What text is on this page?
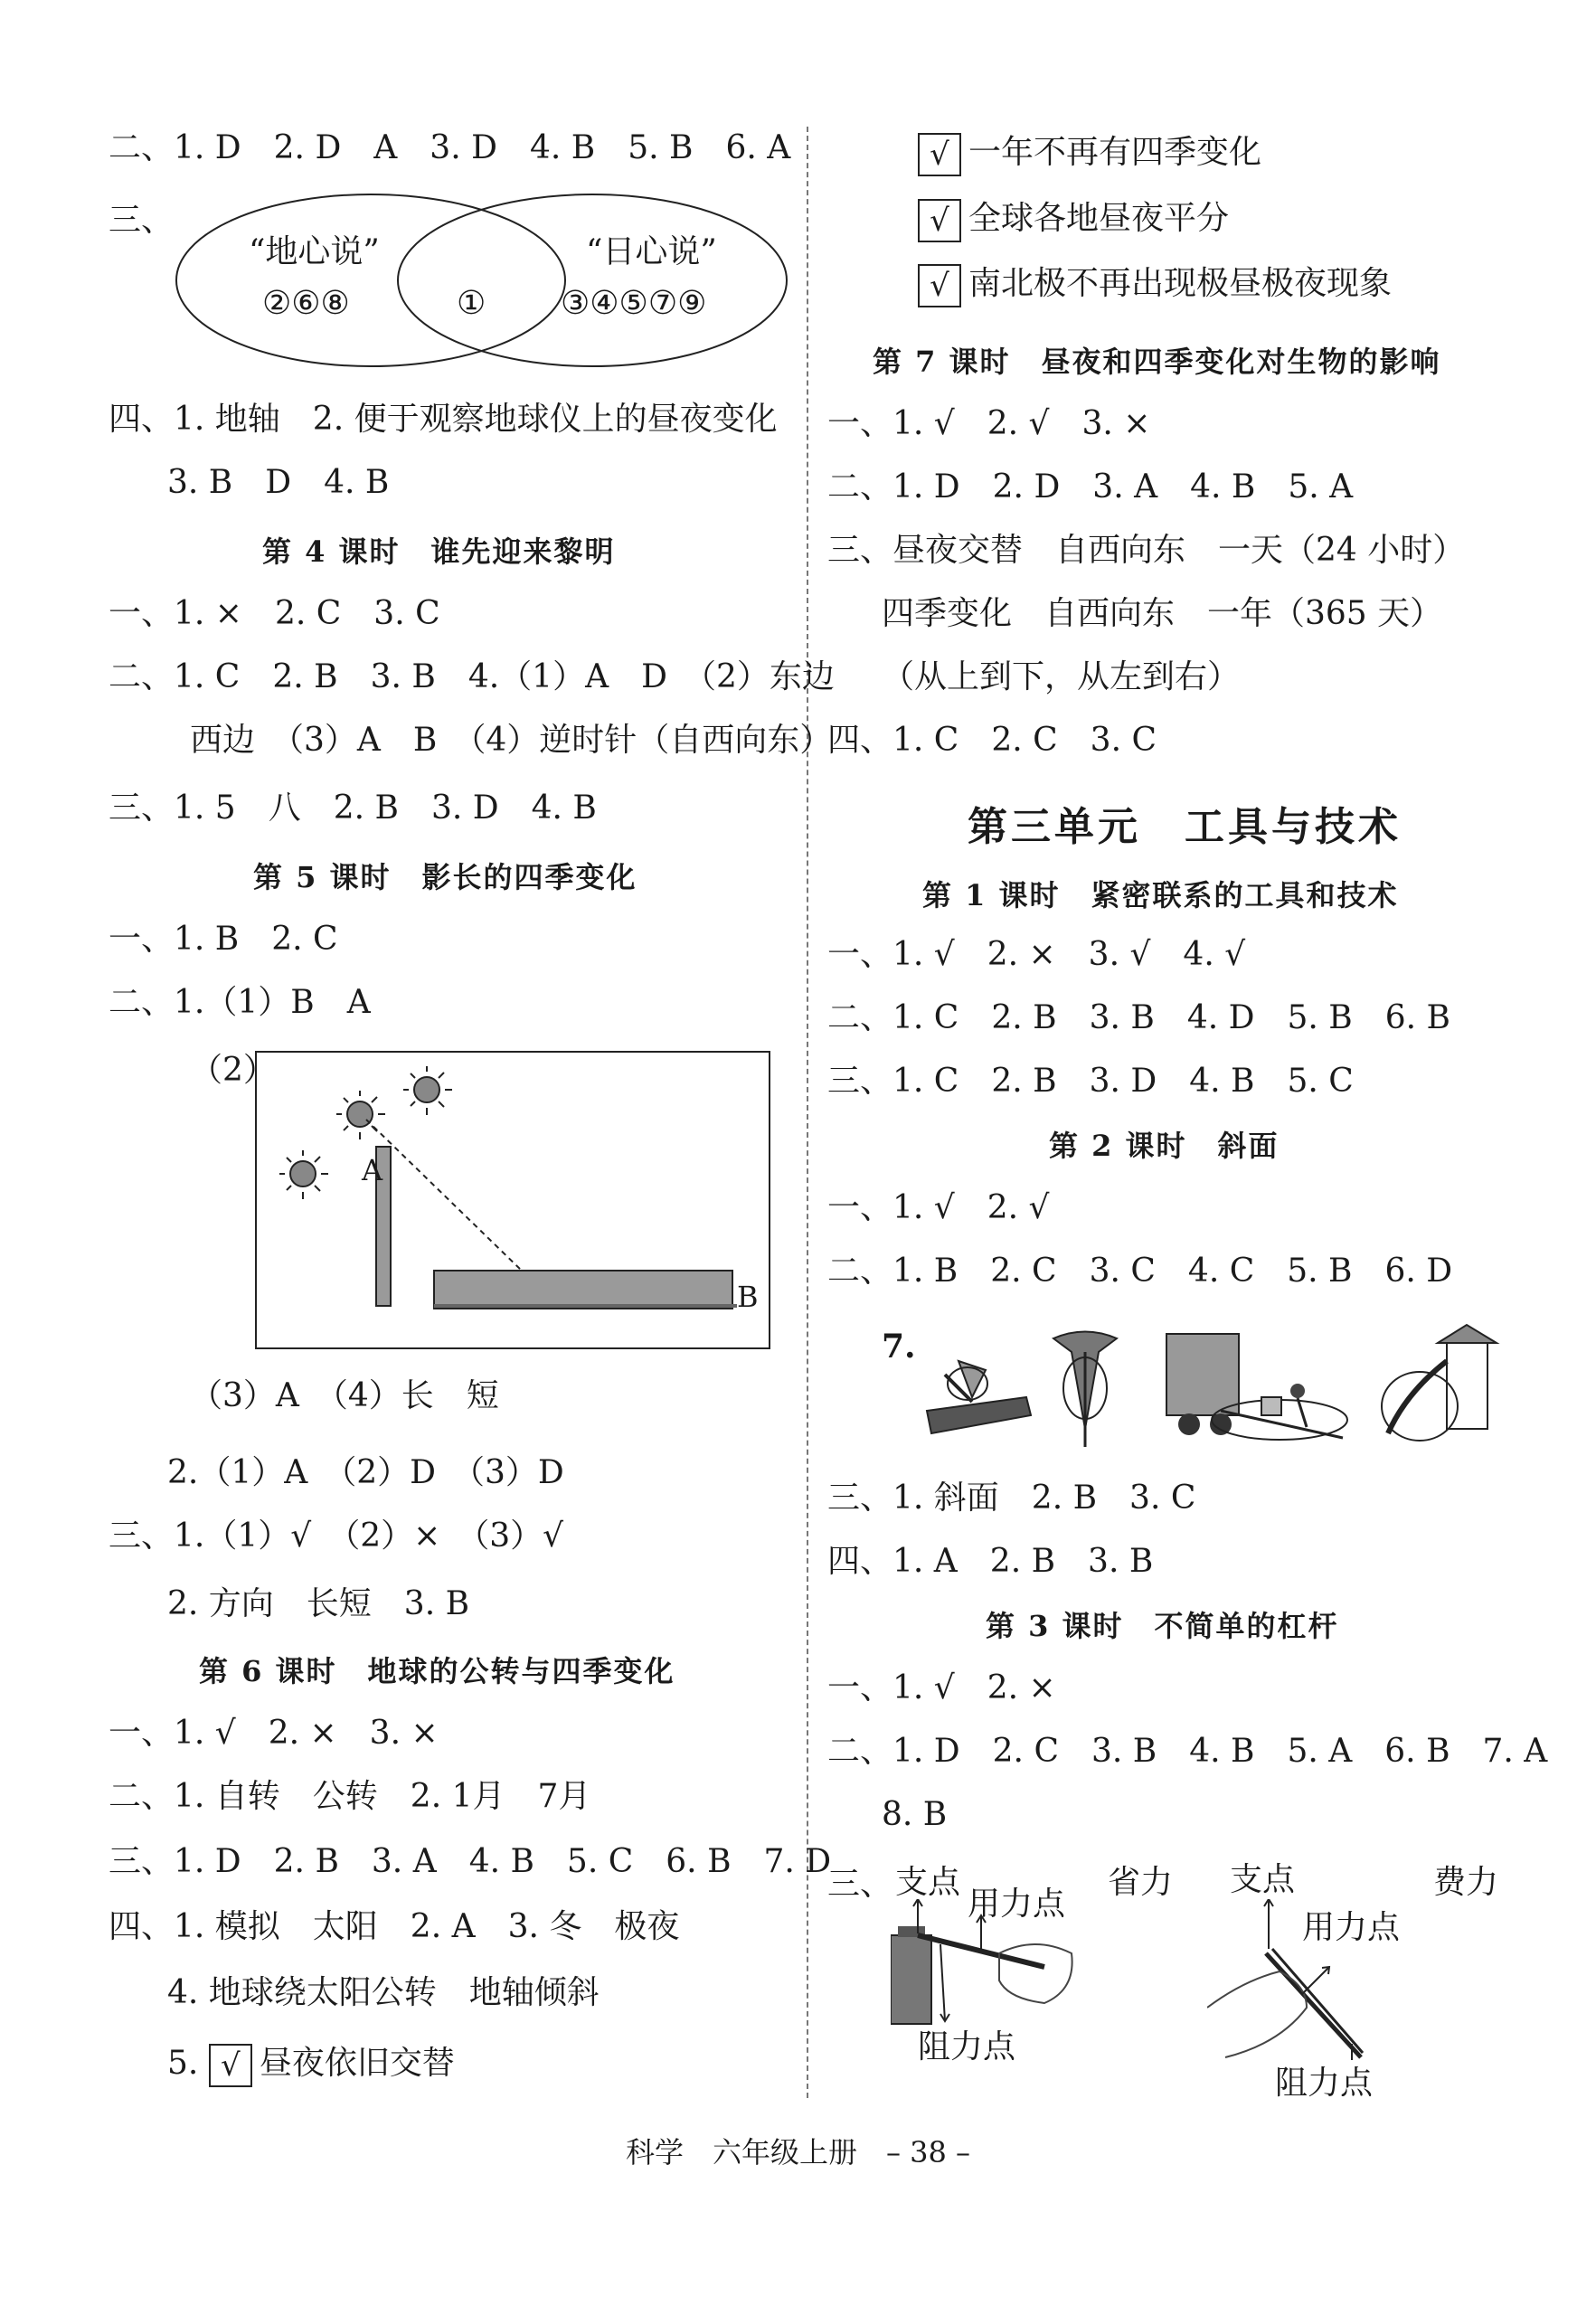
二、1. D　2. D　A　3. D　4. B　5. B　6. A
三、
“地心说”
②⑥⑧	①
“日心说”
③④⑤⑦⑨
四、1. 地轴　2. 便于观察地球仪上的昼夜变化
3. B　D　4. B
第 4 课时　谁先迎来黎明
一、1. ×　2. C　3. C
二、1. C　2. B　3. B　4.（1）A　D　（2）东边
西边　（3）A　B　（4）逆时针（自西向东）
三、1. 5　八　2. B　3. D　4. B
第 5 课时　影长的四季变化
一、1. B　2. C
二、1.（1）B　A
（2）
A
B
（3）A　（4）长　短
2.（1）A　（2）D　（3）D
三、1.（1）√　（2）×　（3）√
2. 方向　长短　3. B
第 6 课时　地球的公转与四季变化
一、1. √　2. ×　3. ×
二、1. 自转　公转　2. 1月　7月
三、1. D　2. B　3. A　4. B　5. C　6. B　7. D
四、1. 模拟　太阳　2. A　3. 冬　极夜
4. 地球绕太阳公转　地轴倾斜
5. √ 昼夜依旧交替
√ 一年不再有四季变化
√ 全球各地昼夜平分
√ 南北极不再出现极昼极夜现象
第 7 课时　昼夜和四季变化对生物的影响
一、1. √　2. √　3. ×
二、1. D　2. D　3. A　4. B　5. A
三、昼夜交替　自西向东　一天（24 小时）
四季变化　自西向东　一年（365 天）
（从上到下，从左到右）
四、1. C　2. C　3. C
第三单元　工具与技术
第 1 课时　紧密联系的工具和技术
一、1. √　2. ×　3. √　4. √
二、1. C　2. B　3. B　4. D　5. B　6. B
三、1. C　2. B　3. D　4. B　5. C
第 2 课时　斜面
一、1. √　2. √
二、1. B　2. C　3. C　4. C　5. B　6. D
7.
三、1. 斜面　2. B　3. C
四、1. A　2. B　3. B
第 3 课时　不简单的杠杆
一、1. √　2. ×
二、1. D　2. C　3. B　4. B　5. A　6. B　7. A
8. B
三、 支点
用力点
省力
阻力点
支点
用力点
费力
阻力点
科学　六年级上册　– 38 –
